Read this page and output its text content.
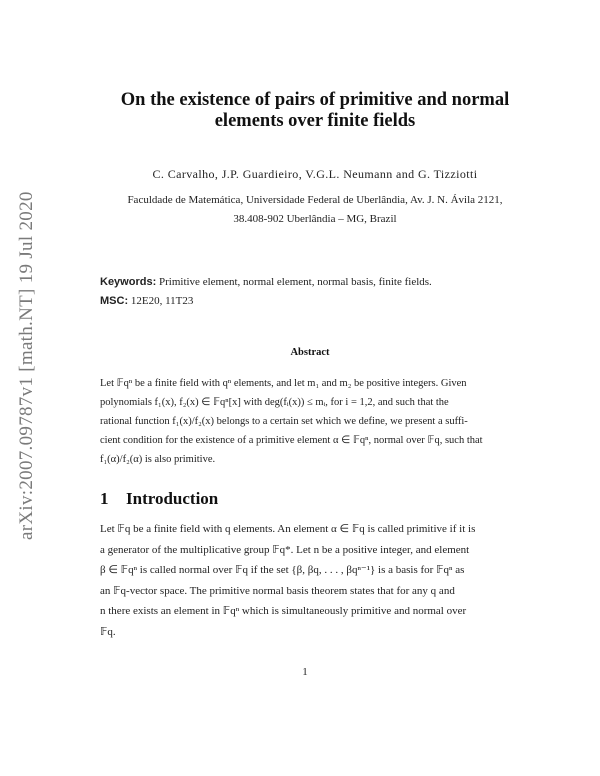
arXiv:2007.09787v1 [math.NT] 19 Jul 2020
On the existence of pairs of primitive and normal
elements over finite fields
C. Carvalho, J.P. Guardieiro, V.G.L. Neumann and G. Tizziotti
Faculdade de Matemática, Universidade Federal de Uberlândia, Av. J. N. Ávila 2121,
38.408-902 Uberlândia – MG, Brazil
Keywords: Primitive element, normal element, normal basis, finite fields.
MSC: 12E20, 11T23
Abstract
Let 𝔽qⁿ be a finite field with qⁿ elements, and let m₁ and m₂ be positive integers. Given
polynomials f₁(x), f₂(x) ∈ 𝔽qⁿ[x] with deg(fᵢ(x)) ≤ mᵢ, for i = 1,2, and such that the
rational function f₁(x)/f₂(x) belongs to a certain set which we define, we present a suffi-
cient condition for the existence of a primitive element α ∈ 𝔽qⁿ, normal over 𝔽q, such that
f₁(α)/f₂(α) is also primitive.
1 Introduction
Let 𝔽q be a finite field with q elements. An element α ∈ 𝔽q is called primitive if it is
a generator of the multiplicative group 𝔽q*. Let n be a positive integer, and element
β ∈ 𝔽qⁿ is called normal over 𝔽q if the set {β, βq, . . . , βqⁿ⁻¹} is a basis for 𝔽qⁿ as
an 𝔽q-vector space. The primitive normal basis theorem states that for any q and
n there exists an element in 𝔽qⁿ which is simultaneously primitive and normal over
𝔽q.
1
